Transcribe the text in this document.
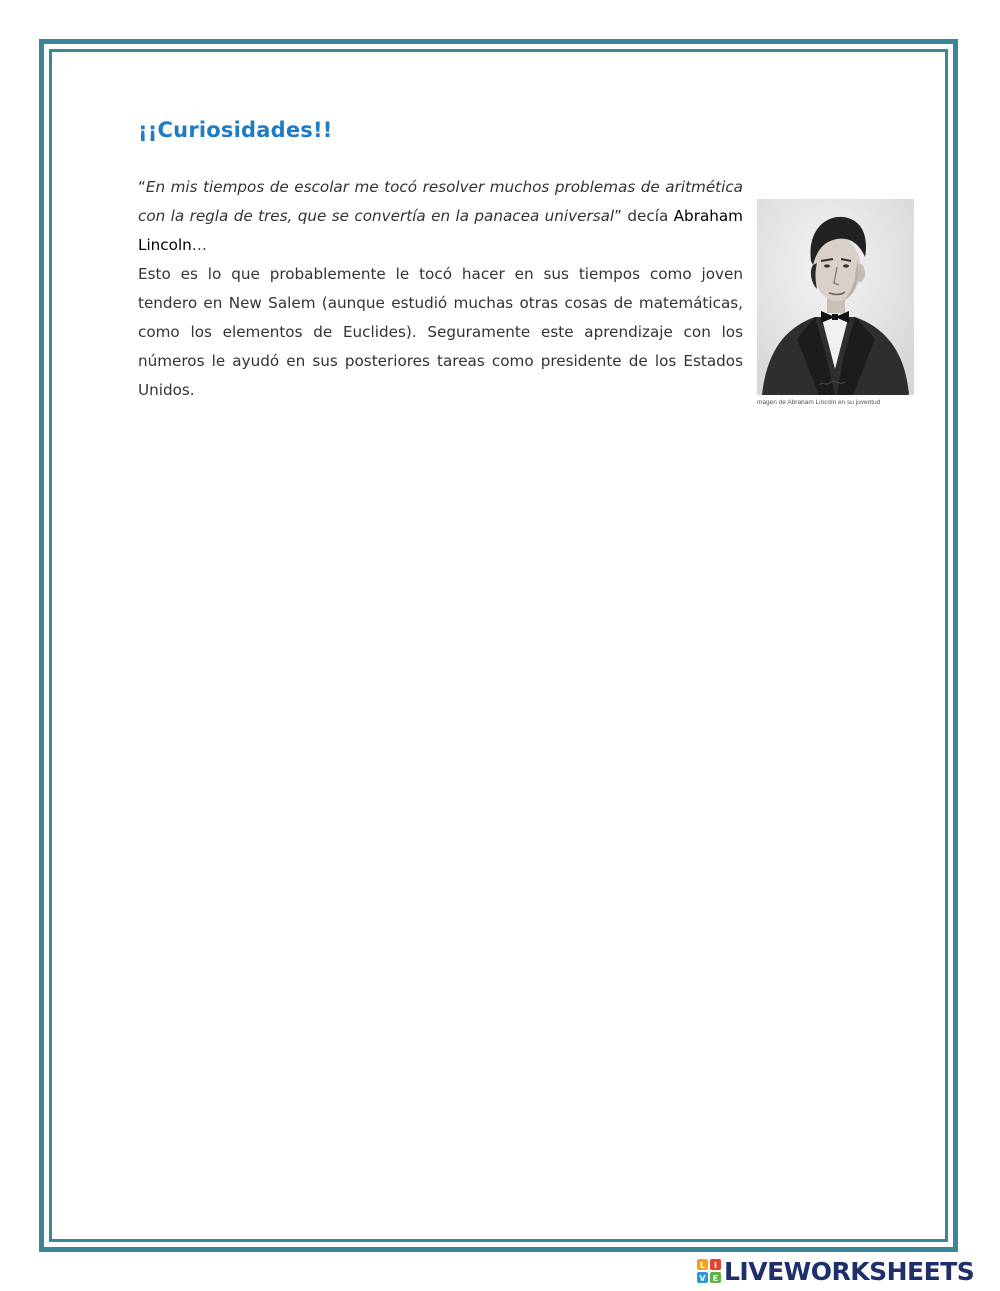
¡¡Curiosidades!!

“En mis tiempos de escolar me tocó resolver muchos problemas de aritmética con la regla de tres, que se convertía en la panacea universal” decía Abraham Lincoln…

Esto es lo que probablemente le tocó hacer en sus tiempos como joven tendero en New Salem (aunque estudió muchas otras cosas de matemáticas, como los elementos de Euclides). Seguramente este aprendizaje con los números le ayudó en sus posteriores tareas como presidente de los Estados Unidos.

magen de Abraham Lincoln en su juventud
L I
V E LIVEWORKSHEETS
